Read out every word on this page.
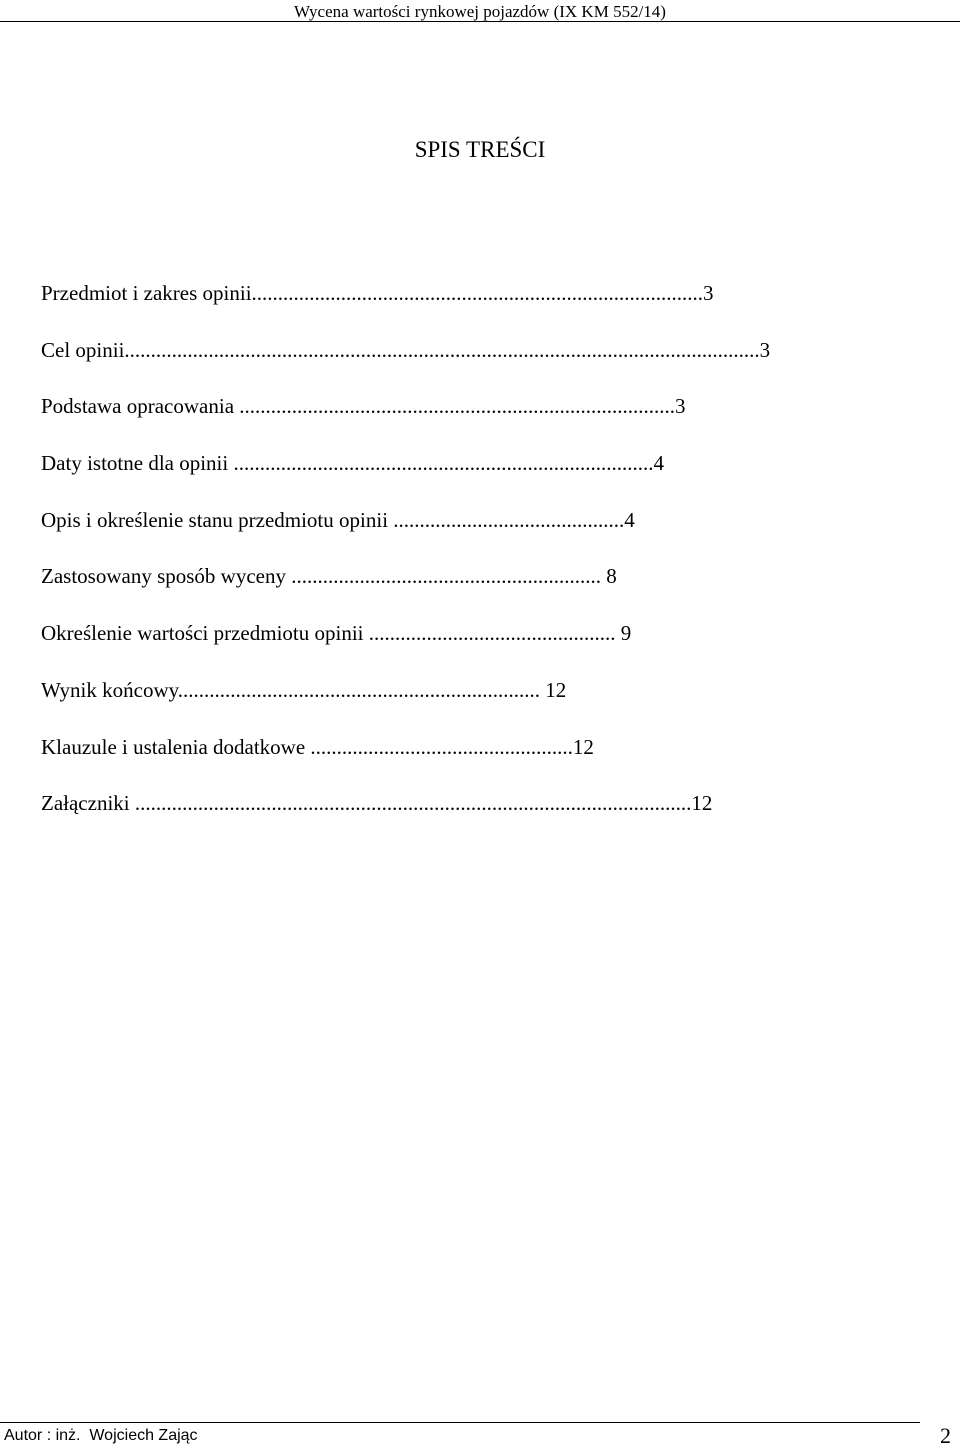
Wycena wartości rynkowej pojazdów (IX KM 552/14)
SPIS TREŚCI
Przedmiot i zakres opinii......................................................................................3
Cel opinii.........................................................................................................................3
Podstawa opracowania ...................................................................................3
Daty istotne dla opinii ................................................................................4
Opis i określenie stanu przedmiotu opinii ............................................4
Zastosowany sposób wyceny ........................................................... 8
Określenie wartości przedmiotu opinii ............................................... 9
Wynik końcowy..................................................................... 12
Klauzule i ustalenia dodatkowe ..................................................12
Załączniki ..........................................................................................................12
Autor : inż.  Wojciech Zając	2
